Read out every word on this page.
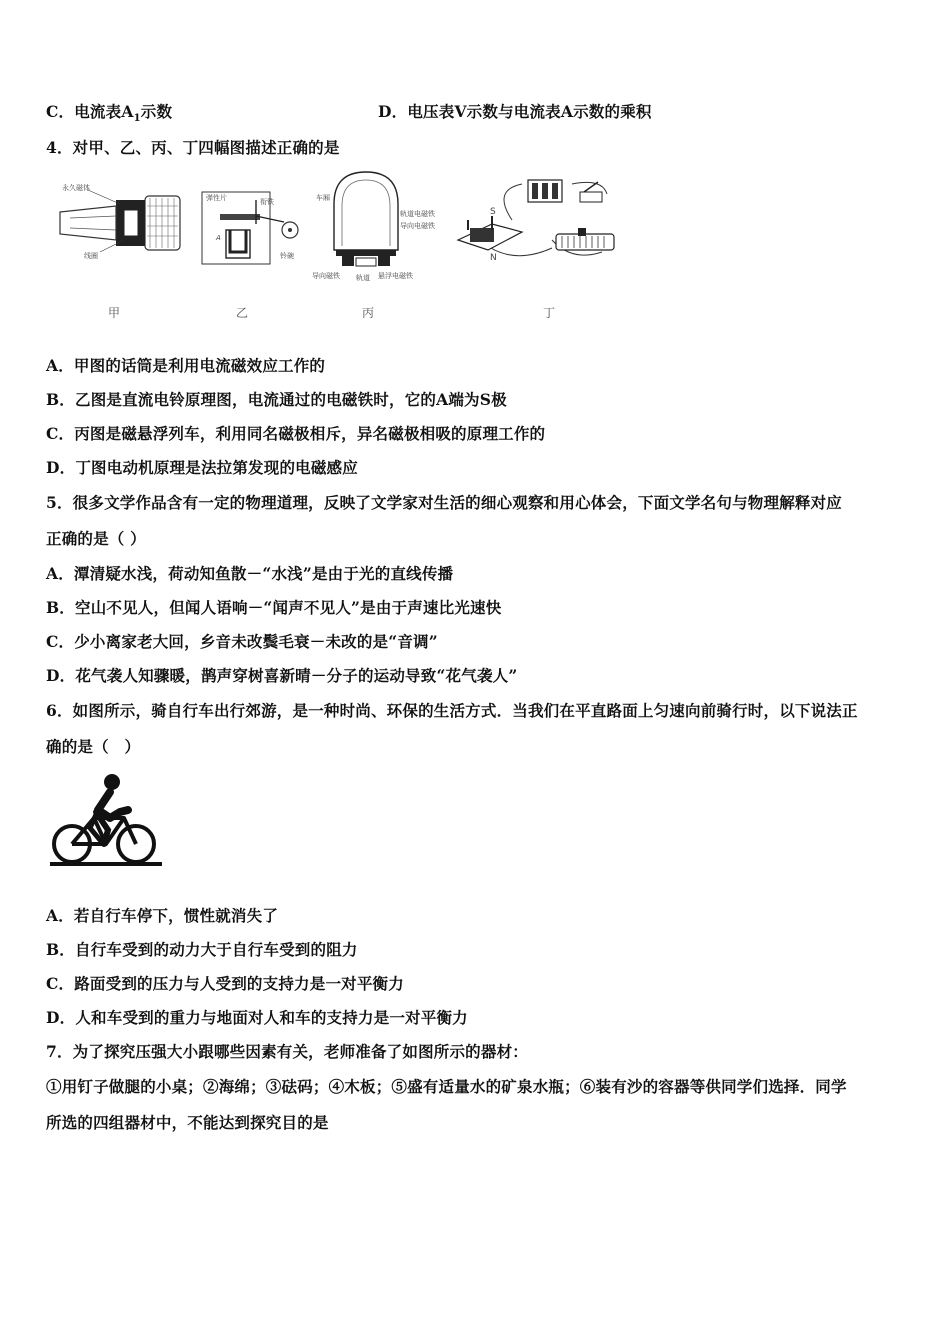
C．电流表$A_1$示数	D．电压表V示数与电流表A示数的乘积
4．对甲、乙、丙、丁四幅图描述正确的是
永久磁体
线圈
弹性片	衔铁
A
铃碗
车厢
轨道电磁铁
导向电磁铁
导向磁铁 轨道 悬浮电磁铁
S
N
甲	乙	丙	丁
A．甲图的话筒是利用电流磁效应工作的
B．乙图是直流电铃原理图，电流通过的电磁铁时，它的A端为S极
C．丙图是磁悬浮列车，利用同名磁极相斥，异名磁极相吸的原理工作的
D．丁图电动机原理是法拉第发现的电磁感应
5．很多文学作品含有一定的物理道理，反映了文学家对生活的细心观察和用心体会，下面文学名句与物理解释对应
正确的是（ ）
A．潭清疑水浅，荷动知鱼散－“水浅”是由于光的直线传播
B．空山不见人，但闻人语响－“闻声不见人”是由于声速比光速快
C．少小离家老大回，乡音未改鬓毛衰－未改的是“音调”
D．花气袭人知骤暖，鹊声穿树喜新晴－分子的运动导致“花气袭人”
6．如图所示，骑自行车出行郊游，是一种时尚、环保的生活方式．当我们在平直路面上匀速向前骑行时，以下说法正
确的是（　）
A．若自行车停下，惯性就消失了
B．自行车受到的动力大于自行车受到的阻力
C．路面受到的压力与人受到的支持力是一对平衡力
D．人和车受到的重力与地面对人和车的支持力是一对平衡力
7．为了探究压强大小跟哪些因素有关，老师准备了如图所示的器材：
①用钉子做腿的小桌；②海绵；③砝码；④木板；⑤盛有适量水的矿泉水瓶；⑥装有沙的容器等供同学们选择．同学
所选的四组器材中，不能达到探究目的是
